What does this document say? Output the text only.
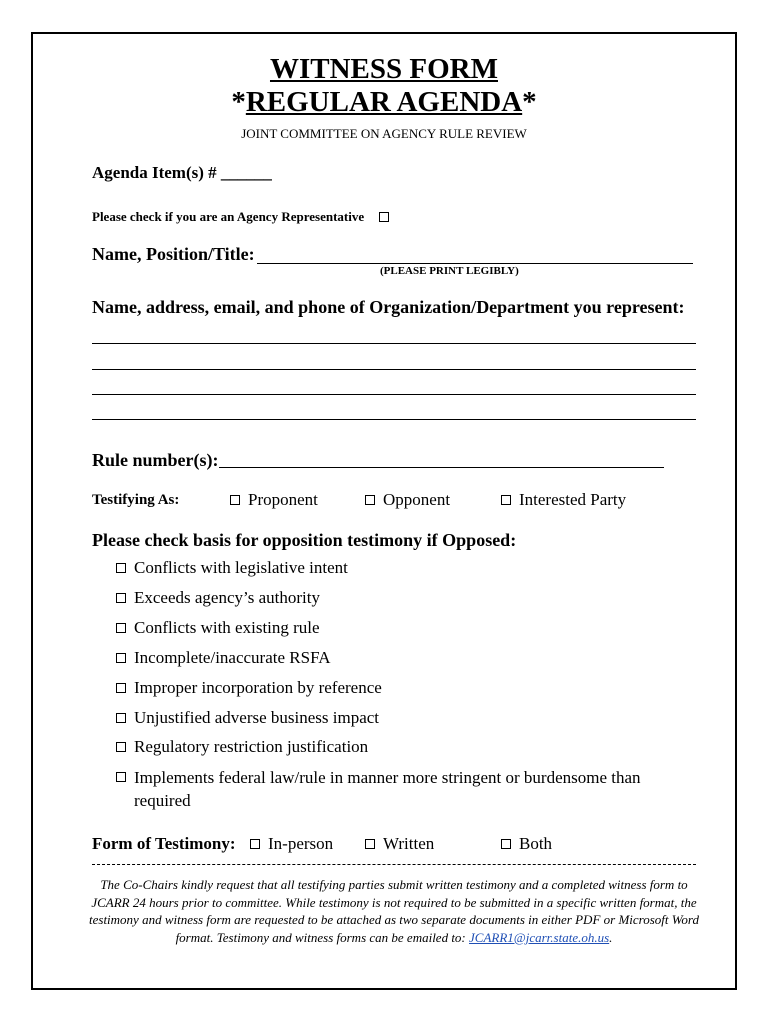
WITNESS FORM
*REGULAR AGENDA*
JOINT COMMITTEE ON AGENCY RULE REVIEW
Agenda Item(s) # ______
Please check if you are an Agency Representative
Name, Position/Title:
(PLEASE PRINT LEGIBLY)
Name, address, email, and phone of Organization/Department you represent:
Rule number(s):
Testifying As:	Proponent	Opponent	Interested Party
Please check basis for opposition testimony if Opposed:
Conflicts with legislative intent
Exceeds agency’s authority
Conflicts with existing rule
Incomplete/inaccurate RSFA
Improper incorporation by reference
Unjustified adverse business impact
Regulatory restriction justification
Implements federal law/rule in manner more stringent or burdensome than required
Form of Testimony:	In-person	Written	Both
The Co-Chairs kindly request that all testifying parties submit written testimony and a completed witness form to JCARR 24 hours prior to committee. While testimony is not required to be submitted in a specific written format, the testimony and witness form are requested to be attached as two separate documents in either PDF or Microsoft Word format. Testimony and witness forms can be emailed to: JCARR1@jcarr.state.oh.us.
